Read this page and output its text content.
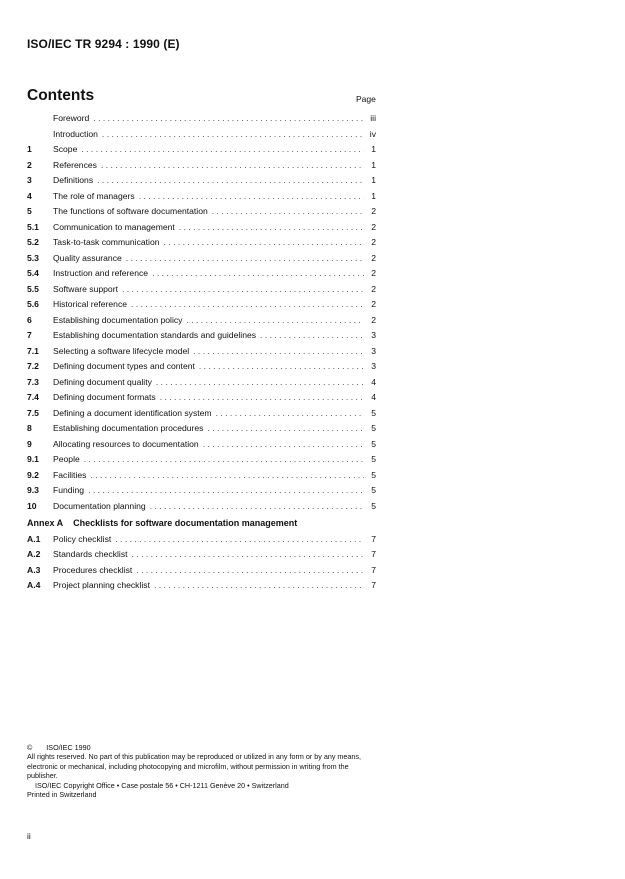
ISO/IEC TR 9294 : 1990 (E)
Contents	Page
Foreword . . .	iii
Introduction . . .	iv
1	Scope . . .	1
2	References . . .	1
3	Definitions . . .	1
4	The role of managers . . .	1
5	The functions of software documentation . . .	2
5.1	Communication to management . . .	2
5.2	Task-to-task communication . . .	2
5.3	Quality assurance . . .	2
5.4	Instruction and reference . . .	2
5.5	Software support . . .	2
5.6	Historical reference . . .	2
6	Establishing documentation policy . . .	2
7	Establishing documentation standards and guidelines . . .	3
7.1	Selecting a software lifecycle model . . .	3
7.2	Defining document types and content . . .	3
7.3	Defining document quality . . .	4
7.4	Defining document formats . . .	4
7.5	Defining a document identification system . . .	5
8	Establishing documentation procedures . . .	5
9	Allocating resources to documentation . . .	5
9.1	People . . .	5
9.2	Facilities . . .	5
9.3	Funding . . .	5
10	Documentation planning . . .	5
Annex A Checklists for software documentation management
A.1	Policy checklist . . .	7
A.2	Standards checklist . . .	7
A.3	Procedures checklist . . .	7
A.4	Project planning checklist . . .	7
© ISO/IEC 1990
All rights reserved. No part of this publication may be reproduced or utilized in any form or by any means, electronic or mechanical, including photocopying and microfilm, without permission in writing from the publisher.
ISO/IEC Copyright Office • Case postale 56 • CH-1211 Genève 20 • Switzerland
Printed in Switzerland
ii
